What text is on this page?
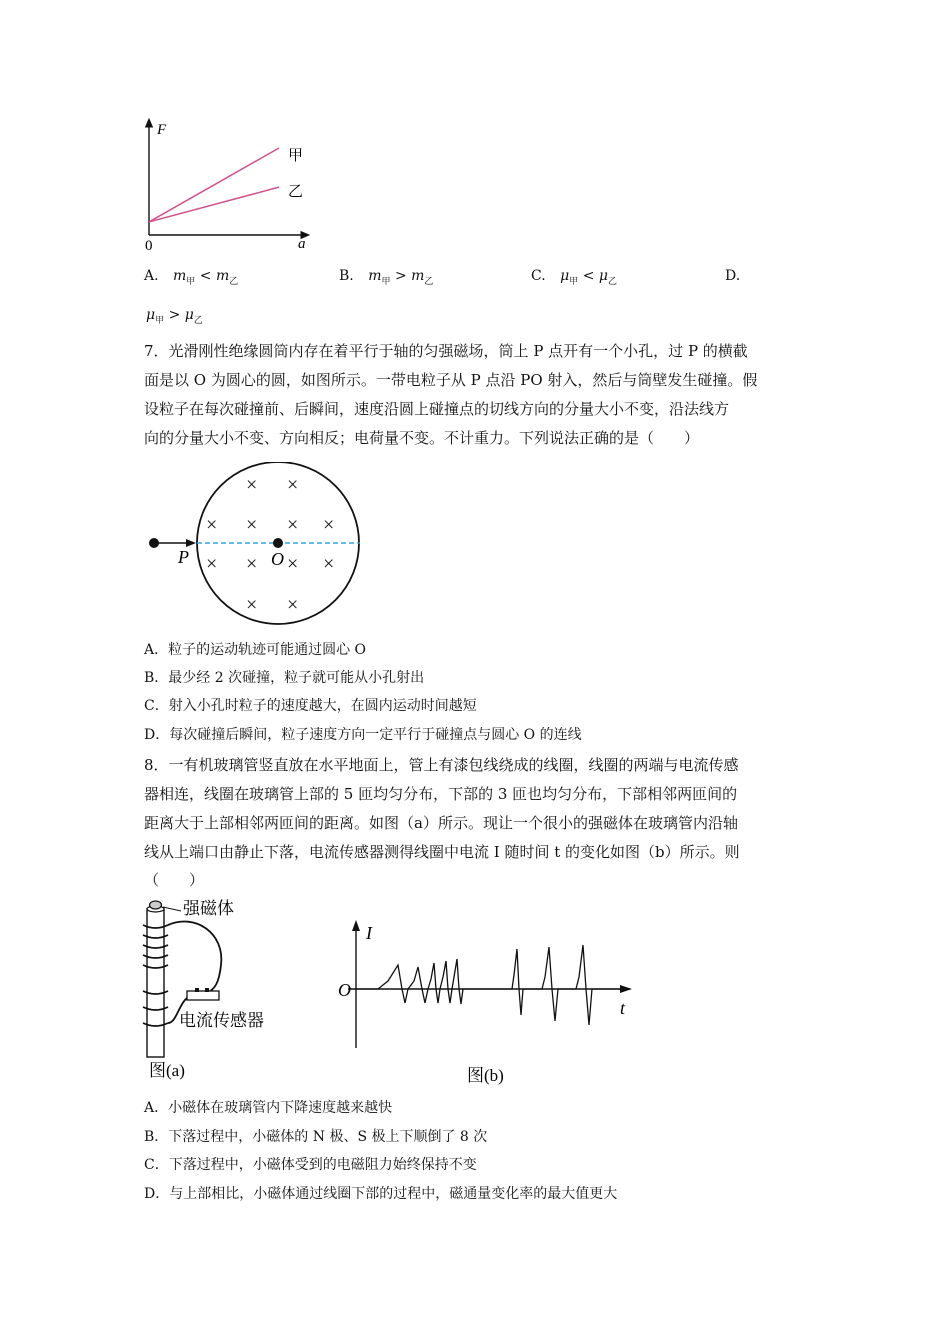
F
a
0
甲
乙
A. $m_甲 < m_乙$	B. $m_甲 > m_乙$	C. $\mu_甲 < \mu_乙$	D.
$\mu_甲 > \mu_乙$
7．光滑刚性绝缘圆筒内存在着平行于轴的匀强磁场，筒上 P 点开有一个小孔，过 P 的横截
面是以 O 为圆心的圆，如图所示。一带电粒子从 P 点沿 PO 射入，然后与筒壁发生碰撞。假
设粒子在每次碰撞前、后瞬间，速度沿圆上碰撞点的切线方向的分量大小不变，沿法线方
向的分量大小不变、方向相反；电荷量不变。不计重力。下列说法正确的是（　　）
P	O
× ×
× × × ×
× × × ×
× ×
A．粒子的运动轨迹可能通过圆心 O
B．最少经 2 次碰撞，粒子就可能从小孔射出
C．射入小孔时粒子的速度越大，在圆内运动时间越短
D．每次碰撞后瞬间，粒子速度方向一定平行于碰撞点与圆心 O 的连线
8．一有机玻璃管竖直放在水平地面上，管上有漆包线绕成的线圈，线圈的两端与电流传感
器相连，线圈在玻璃管上部的 5 匝均匀分布，下部的 3 匝也均匀分布，下部相邻两匝间的
距离大于上部相邻两匝间的距离。如图（a）所示。现让一个很小的强磁体在玻璃管内沿轴
线从上端口由静止下落，电流传感器测得线圈中电流 I 随时间 t 的变化如图（b）所示。则
（　　）
强磁体
电流传感器
图(a)
I
t
O
图(b)
A．小磁体在玻璃管内下降速度越来越快
B．下落过程中，小磁体的 N 极、S 极上下顺倒了 8 次
C．下落过程中，小磁体受到的电磁阻力始终保持不变
D．与上部相比，小磁体通过线圈下部的过程中，磁通量变化率的最大值更大
